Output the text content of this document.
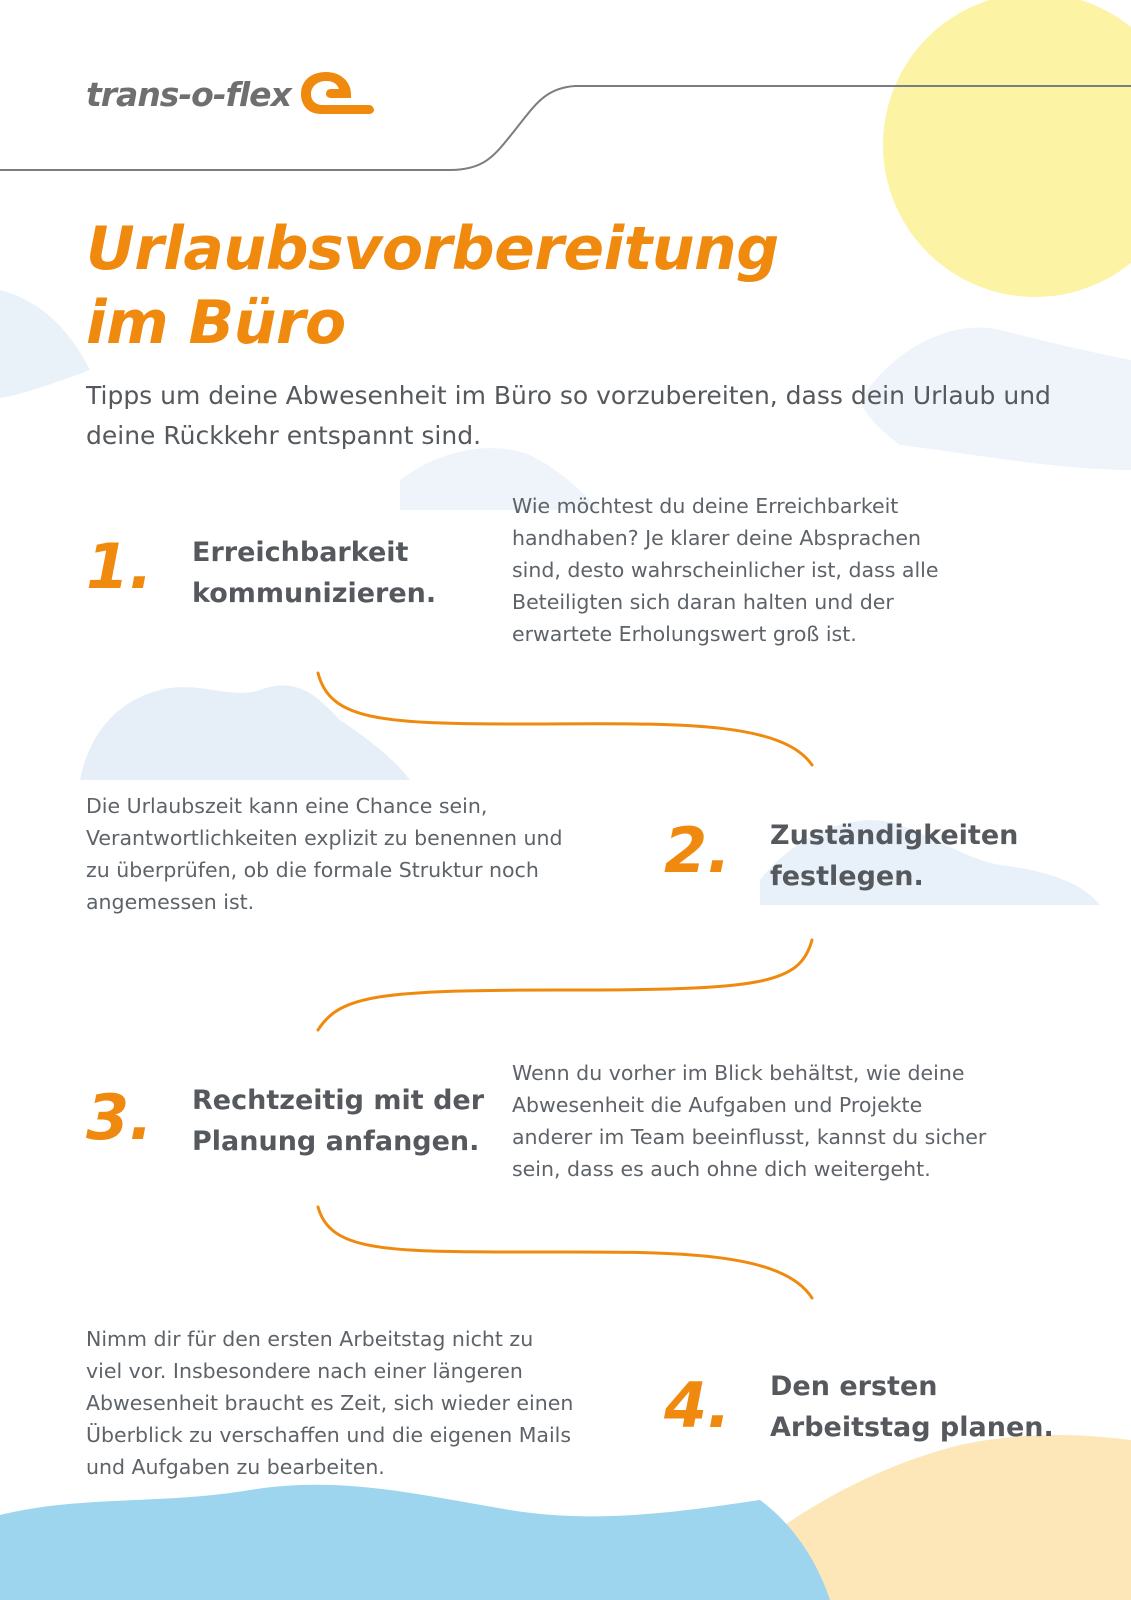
trans-o-flex
Urlaubsvorbereitung
im Büro

Tipps um deine Abwesenheit im Büro so vorzubereiten, dass dein Urlaub und deine Rückkehr entspannt sind.

1. Erreichbarkeit
kommunizieren.
Wie möchtest du deine Erreichbarkeit
handhaben? Je klarer deine Absprachen
sind, desto wahrscheinlicher ist, dass alle
Beteiligten sich daran halten und der
erwartete Erholungswert groß ist.
Die Urlaubszeit kann eine Chance sein,
Verantwortlichkeiten explizit zu benennen und
zu überprüfen, ob die formale Struktur noch
angemessen ist.
2. Zuständigkeiten
festlegen.
3. Rechtzeitig mit der
Planung anfangen.
Wenn du vorher im Blick behältst, wie deine
Abwesenheit die Aufgaben und Projekte
anderer im Team beeinflusst, kannst du sicher
sein, dass es auch ohne dich weitergeht.
Nimm dir für den ersten Arbeitstag nicht zu
viel vor. Insbesondere nach einer längeren
Abwesenheit braucht es Zeit, sich wieder einen
Überblick zu verschaffen und die eigenen Mails
und Aufgaben zu bearbeiten.
4. Den ersten
Arbeitstag planen.
